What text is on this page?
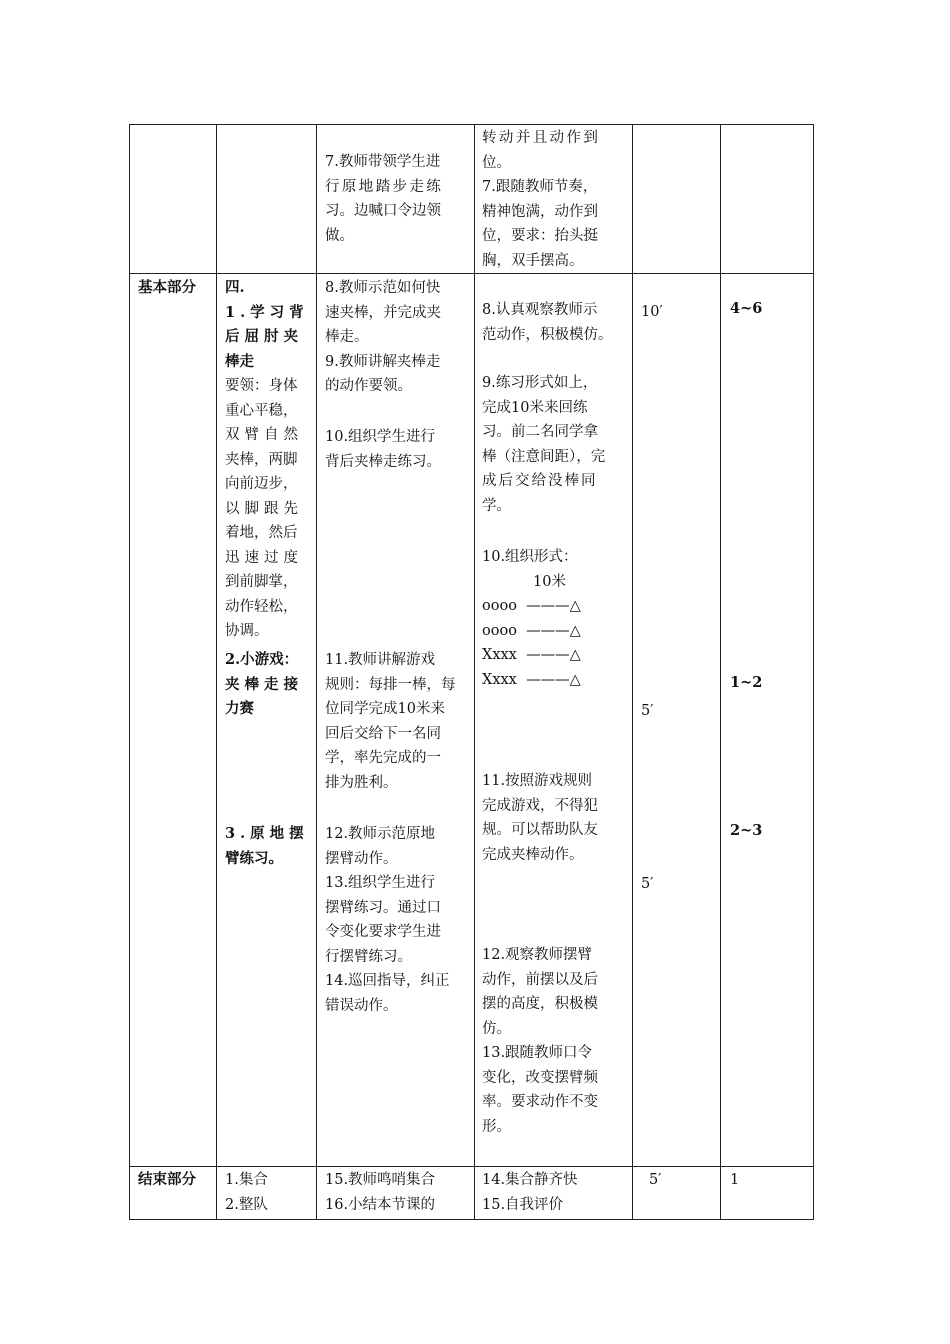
7.教师带领学生进
行原地踏步走练
习。边喊口令边领
做。
转动并且动作到
位。
7.跟随教师节奏，
精神饱满，动作到
位，要求：抬头挺
胸，双手摆高。
基本部分 四.
1.学习背
后屈肘夹
棒走
要领：身体
重心平稳，
双臂自然
夹棒，两脚
向前迈步，
以脚跟先
着地，然后
迅速过度
到前脚掌，
动作轻松，
协调。
2.小游戏：
夹棒走接
力赛
3.原地摆
臂练习。
8.教师示范如何快
速夹棒，并完成夹
棒走。
9.教师讲解夹棒走
的动作要领。
10.组织学生进行
背后夹棒走练习。
11.教师讲解游戏
规则：每排一棒，每
位同学完成10米来
回后交给下一名同
学，率先完成的一
排为胜利。
12.教师示范原地
摆臂动作。
13.组织学生进行
摆臂练习。通过口
令变化要求学生进
行摆臂练习。
14.巡回指导，纠正
错误动作。
8.认真观察教师示
范动作，积极模仿。
9.练习形式如上，
完成10米来回练
习。前二名同学拿
棒（注意间距），完
成后交给没棒同
学。
10.组织形式：
10米
oooo  ———△
oooo  ———△
Xxxx  ———△
Xxxx  ———△
11.按照游戏规则
完成游戏，不得犯
规。可以帮助队友
完成夹棒动作。
12.观察教师摆臂
动作，前摆以及后
摆的高度，积极模
仿。
13.跟随教师口令
变化，改变摆臂频
率。要求动作不变
形。
10′
5′
5′
4~6
1~2
2~3
结束部分 1.集合
2.整队
15.教师鸣哨集合
16.小结本节课的
14.集合静齐快
15.自我评价
5′	1
